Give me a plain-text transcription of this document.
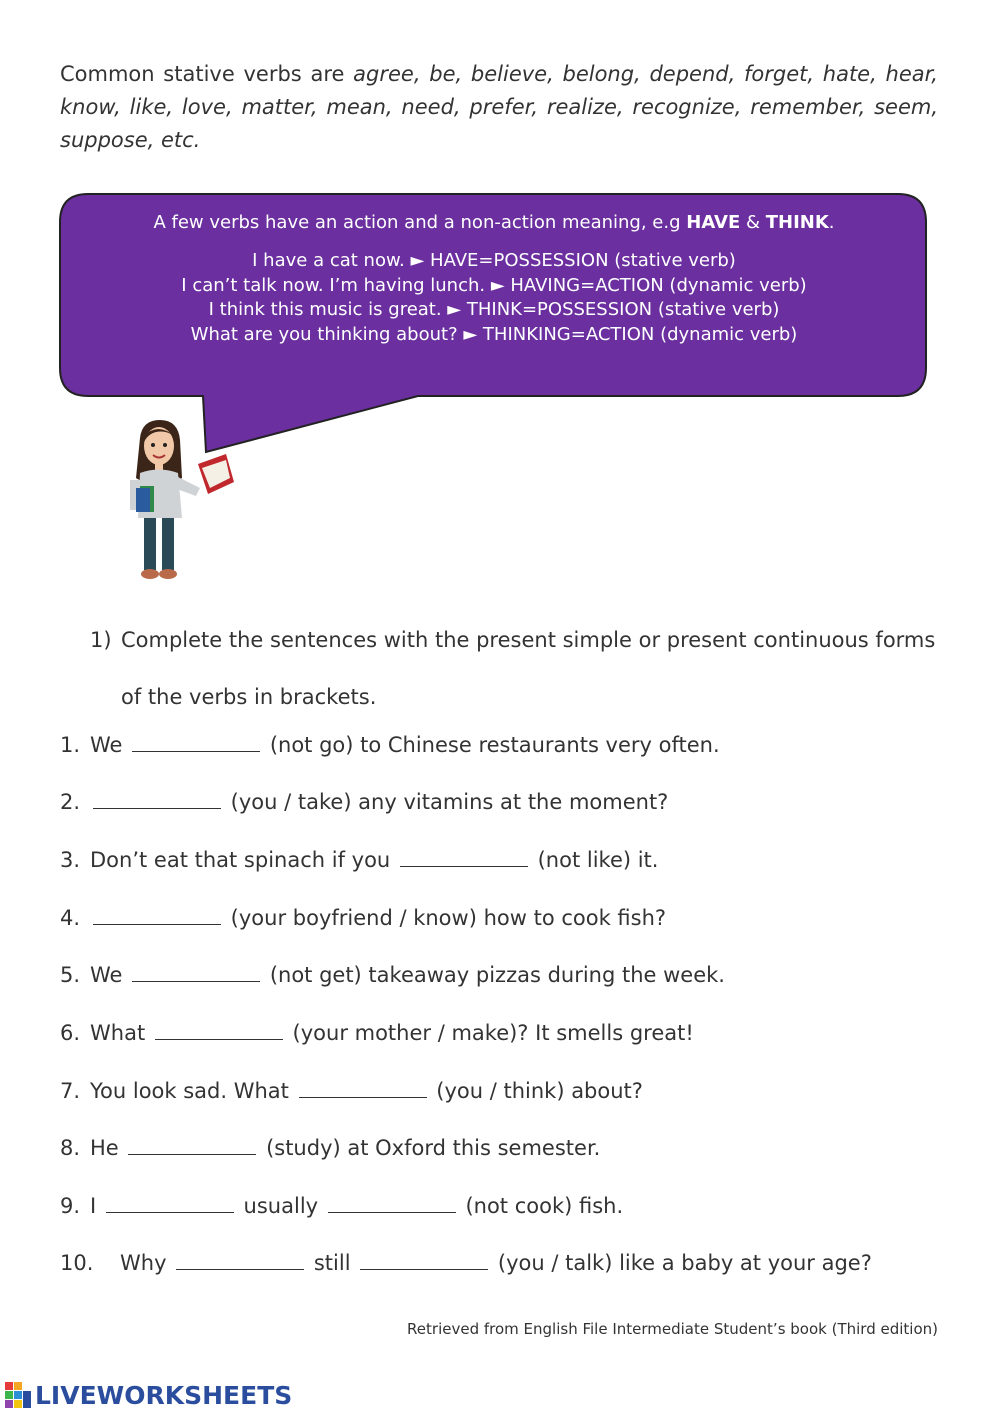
Common stative verbs are agree, be, believe, belong, depend, forget, hate, hear, know, like, love, matter, mean, need, prefer, realize, recognize, remember, seem, suppose, etc.
A few verbs have an action and a non-action meaning, e.g HAVE & THINK.
I have a cat now. ► HAVE=POSSESSION (stative verb)
I can’t talk now. I’m having lunch. ► HAVING=ACTION (dynamic verb)
I think this music is great. ► THINK=POSSESSION (stative verb)
What are you thinking about? ► THINKING=ACTION (dynamic verb)
1) Complete the sentences with the present simple or present continuous forms of the verbs in brackets.
1. We	(not go) to Chinese restaurants very often.
2.	(you / take) any vitamins at the moment?
3. Don’t eat that spinach if you	(not like) it.
4.	(your boyfriend / know) how to cook fish?
5. We	(not get) takeaway pizzas during the week.
6. What	(your mother / make)? It smells great!
7. You look sad. What	(you / think) about?
8. He	(study) at Oxford this semester.
9. I	usually	(not cook) fish.
10. Why	still	(you / talk) like a baby at your age?
Retrieved from English File Intermediate Student’s book (Third edition)
LIVEWORKSHEETS
